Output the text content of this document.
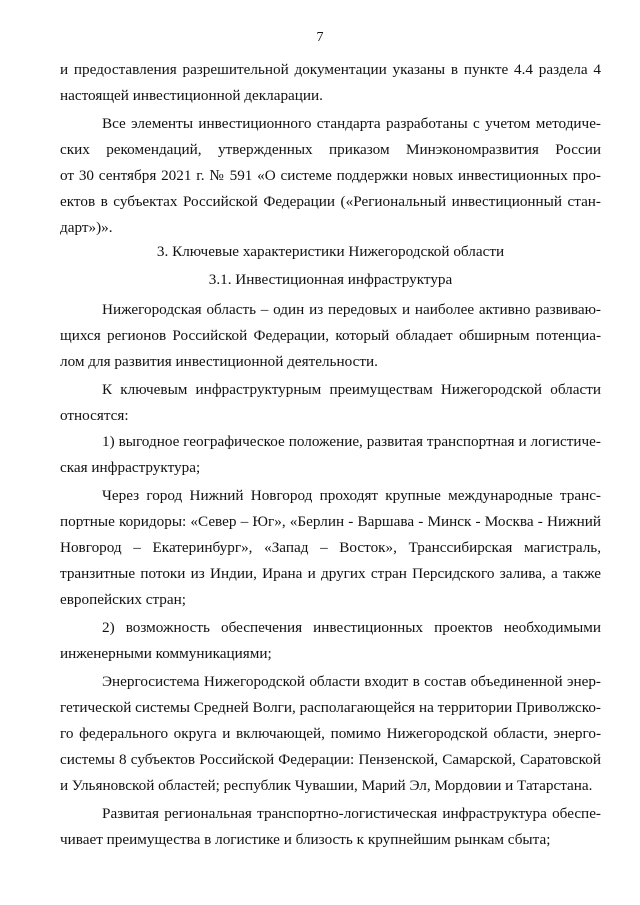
7
и предоставления разрешительной документации указаны в пункте 4.4 раздела 4
настоящей инвестиционной декларации.
Все элементы инвестиционного стандарта разработаны с учетом методиче-
ских рекомендаций, утвержденных приказом Минэкономразвития России
от 30 сентября 2021 г. № 591 «О системе поддержки новых инвестиционных про-
ектов в субъектах Российской Федерации («Региональный инвестиционный стан-
дарт»)».
3. Ключевые характеристики Нижегородской области
3.1. Инвестиционная инфраструктура
Нижегородская область – один из передовых и наиболее активно развиваю-
щихся регионов Российской Федерации, который обладает обширным потенциа-
лом для развития инвестиционной деятельности.
К ключевым инфраструктурным преимуществам Нижегородской области
относятся:
1) выгодное географическое положение, развитая транспортная и логистиче-
ская инфраструктура;
Через город Нижний Новгород проходят крупные международные транс-
портные коридоры: «Север – Юг», «Берлин - Варшава - Минск - Москва - Нижний
Новгород – Екатеринбург», «Запад – Восток», Транссибирская магистраль,
транзитные потоки из Индии, Ирана и других стран Персидского залива, а также
европейских стран;
2) возможность обеспечения инвестиционных проектов необходимыми
инженерными коммуникациями;
Энергосистема Нижегородской области входит в состав объединенной энер-
гетической системы Средней Волги, располагающейся на территории Приволжско-
го федерального округа и включающей, помимо Нижегородской области, энерго-
системы 8 субъектов Российской Федерации: Пензенской, Самарской, Саратовской
и Ульяновской областей; республик Чувашии, Марий Эл, Мордовии и Татарстана.
Развитая региональная транспортно-логистическая инфраструктура обеспе-
чивает преимущества в логистике и близость к крупнейшим рынкам сбыта;
